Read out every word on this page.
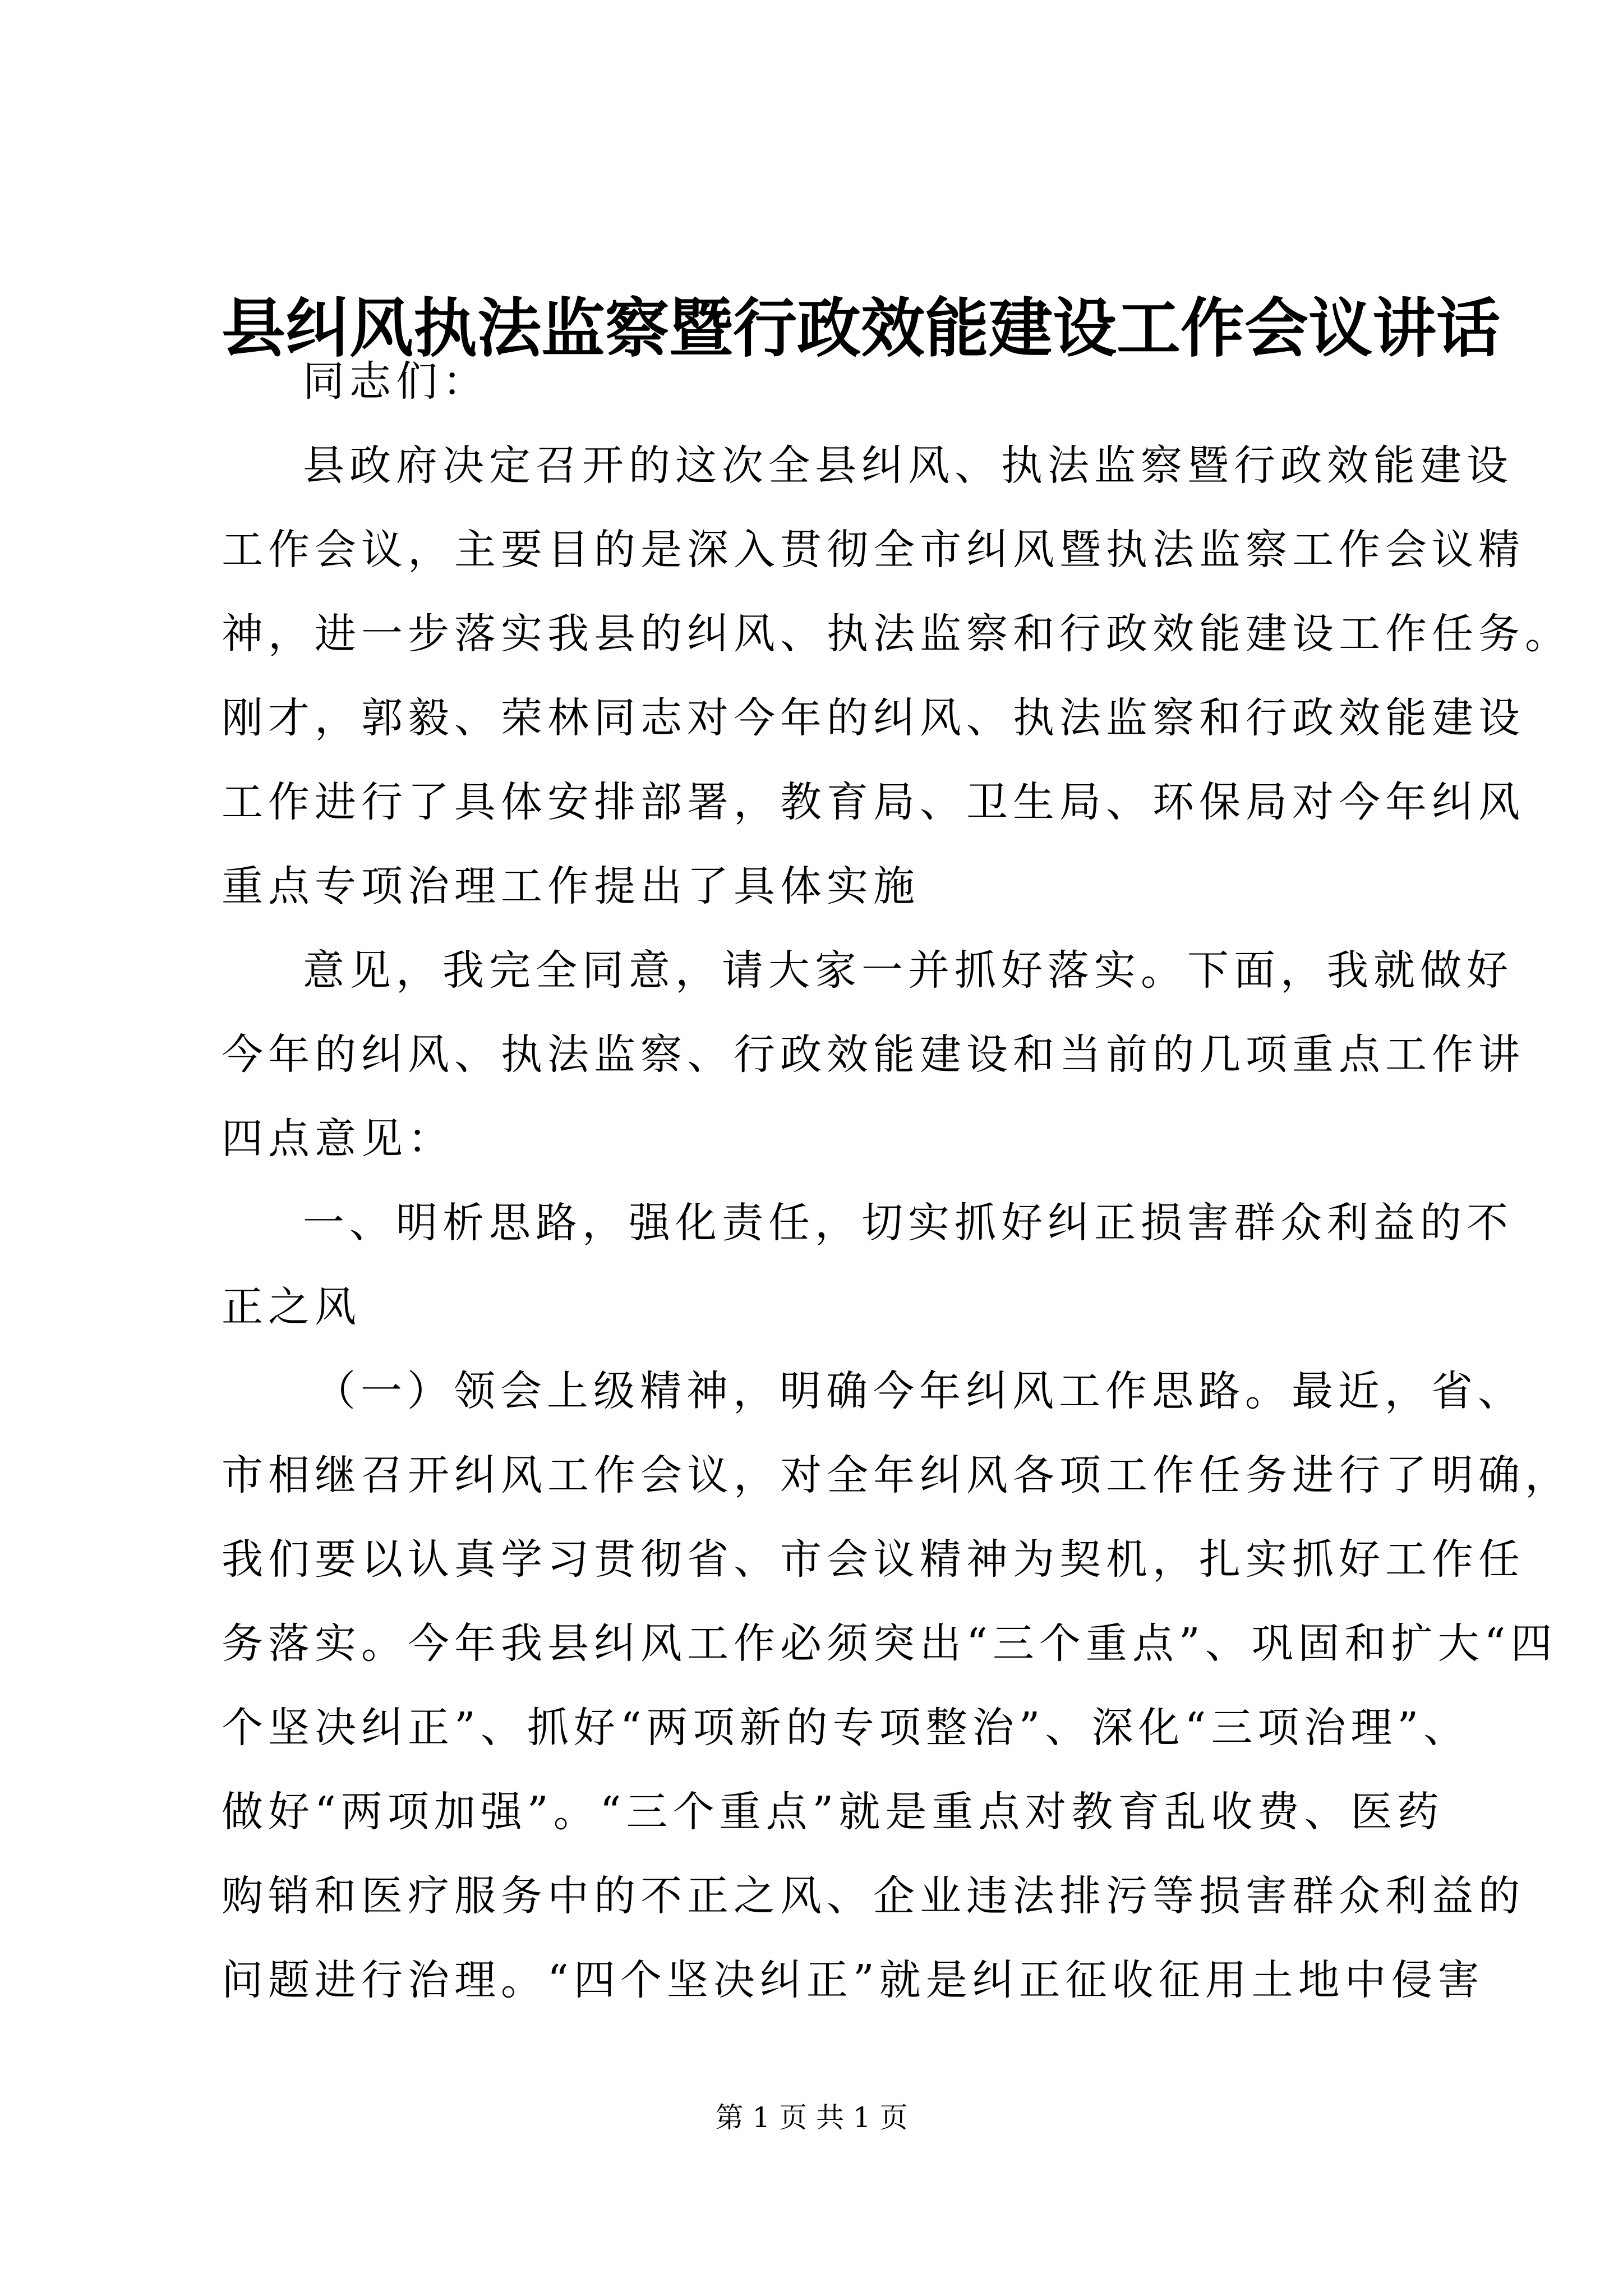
县纠风执法监察暨行政效能建设工作会议讲话
同志们：
县政府决定召开的这次全县纠风、执法监察暨行政效能建设
工作会议，主要目的是深入贯彻全市纠风暨执法监察工作会议精
神，进一步落实我县的纠风、执法监察和行政效能建设工作任务。
刚才，郭毅、荣林同志对今年的纠风、执法监察和行政效能建设
工作进行了具体安排部署，教育局、卫生局、环保局对今年纠风
重点专项治理工作提出了具体实施
意见，我完全同意，请大家一并抓好落实。下面，我就做好
今年的纠风、执法监察、行政效能建设和当前的几项重点工作讲
四点意见：
一、明析思路，强化责任，切实抓好纠正损害群众利益的不
正之风
（一）领会上级精神，明确今年纠风工作思路。最近，省、
市相继召开纠风工作会议，对全年纠风各项工作任务进行了明确，
我们要以认真学习贯彻省、市会议精神为契机，扎实抓好工作任
务落实。今年我县纠风工作必须突出“三个重点”、巩固和扩大“四
个坚决纠正”、抓好“两项新的专项整治”、深化“三项治理”、
做好“两项加强”。“三个重点”就是重点对教育乱收费、医药
购销和医疗服务中的不正之风、企业违法排污等损害群众利益的
问题进行治理。“四个坚决纠正”就是纠正征收征用土地中侵害
第 1 页 共 1 页
